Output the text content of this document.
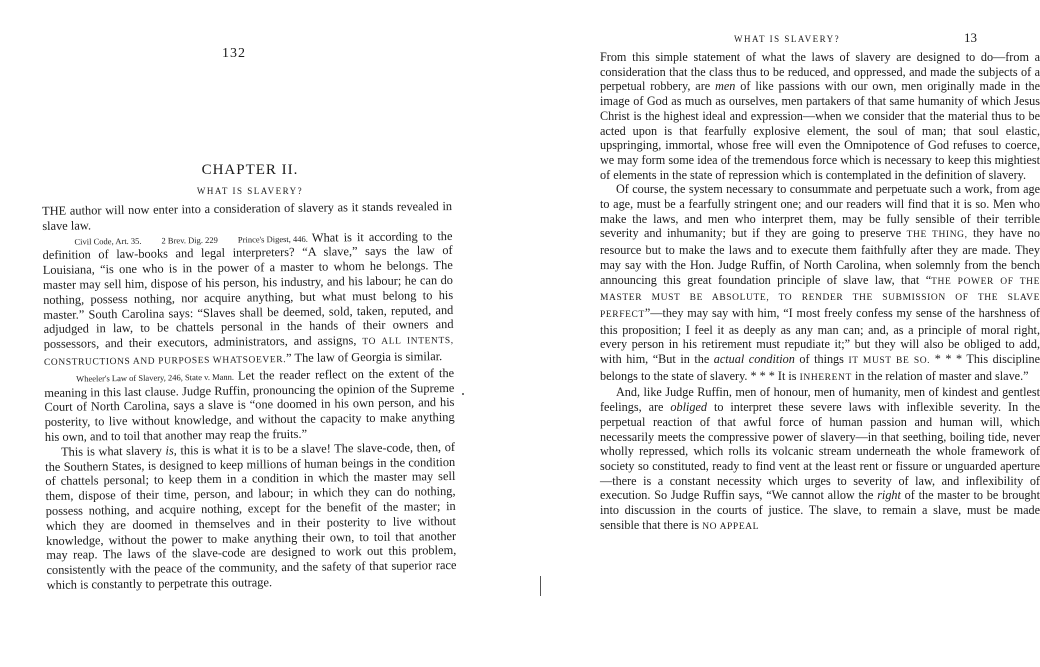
132
CHAPTER II.
WHAT IS SLAVERY?

THE author will now enter into a consideration of slavery as it stands revealed in slave law.

Civil Code, Art. 35. 2 Brev. Dig. 229 Prince's Digest, 446. What is it according to the definition of law-books and legal interpreters? “A slave,” says the law of Louisiana, “is one who is in the power of a master to whom he belongs. The master may sell him, dispose of his person, his industry, and his labour; he can do nothing, possess nothing, nor acquire anything, but what must belong to his master.” South Carolina says: “Slaves shall be deemed, sold, taken, reputed, and adjudged in law, to be chattels personal in the hands of their owners and possessors, and their executors, administrators, and assigns, TO ALL INTENTS, CONSTRUCTIONS AND PURPOSES WHATSOEVER.” The law of Georgia is similar.

Wheeler's Law of Slavery, 246, State v. Mann. Let the reader reflect on the extent of the meaning in this last clause. Judge Ruffin, pronouncing the opinion of the Supreme Court of North Carolina, says a slave is “one doomed in his own person, and his posterity, to live without knowledge, and without the capacity to make anything his own, and to toil that another may reap the fruits.”

This is what slavery is, this is what it is to be a slave! The slave-code, then, of the Southern States, is designed to keep millions of human beings in the condition of chattels personal; to keep them in a condition in which the master may sell them, dispose of their time, person, and labour; in which they can do nothing, possess nothing, and acquire nothing, except for the benefit of the master; in which they are doomed in themselves and in their posterity to live without knowledge, without the power to make anything their own, to toil that another may reap. The laws of the slave-code are designed to work out this problem, consistently with the peace of the community, and the safety of that superior race which is constantly to perpetrate this outrage.

WHAT IS SLAVERY?	13

From this simple statement of what the laws of slavery are designed to do—from a consideration that the class thus to be reduced, and oppressed, and made the subjects of a perpetual robbery, are men of like passions with our own, men originally made in the image of God as much as ourselves, men partakers of that same humanity of which Jesus Christ is the highest ideal and expression—when we consider that the material thus to be acted upon is that fearfully explosive element, the soul of man; that soul elastic, upspringing, immortal, whose free will even the Omnipotence of God refuses to coerce, we may form some idea of the tremendous force which is necessary to keep this mightiest of elements in the state of repression which is contemplated in the definition of slavery.

Of course, the system necessary to consummate and perpetuate such a work, from age to age, must be a fearfully stringent one; and our readers will find that it is so. Men who make the laws, and men who interpret them, may be fully sensible of their terrible severity and inhumanity; but if they are going to preserve THE THING, they have no resource but to make the laws and to execute them faithfully after they are made. They may say with the Hon. Judge Ruffin, of North Carolina, when solemnly from the bench announcing this great foundation principle of slave law, that “THE POWER OF THE MASTER MUST BE ABSOLUTE, TO RENDER THE SUBMISSION OF THE SLAVE PERFECT”—they may say with him, “I most freely confess my sense of the harshness of this proposition; I feel it as deeply as any man can; and, as a principle of moral right, every person in his retirement must repudiate it;” but they will also be obliged to add, with him, “But in the actual condition of things IT MUST BE SO. * * * This discipline belongs to the state of slavery. * * * It is INHERENT in the relation of master and slave.”

And, like Judge Ruffin, men of honour, men of humanity, men of kindest and gentlest feelings, are obliged to interpret these severe laws with inflexible severity. In the perpetual reaction of that awful force of human passion and human will, which necessarily meets the compressive power of slavery—in that seething, boiling tide, never wholly repressed, which rolls its volcanic stream underneath the whole framework of society so constituted, ready to find vent at the least rent or fissure or unguarded aperture—there is a constant necessity which urges to severity of law, and inflexibility of execution. So Judge Ruffin says, “We cannot allow the right of the master to be brought into discussion in the courts of justice. The slave, to remain a slave, must be made sensible that there is NO APPEAL
